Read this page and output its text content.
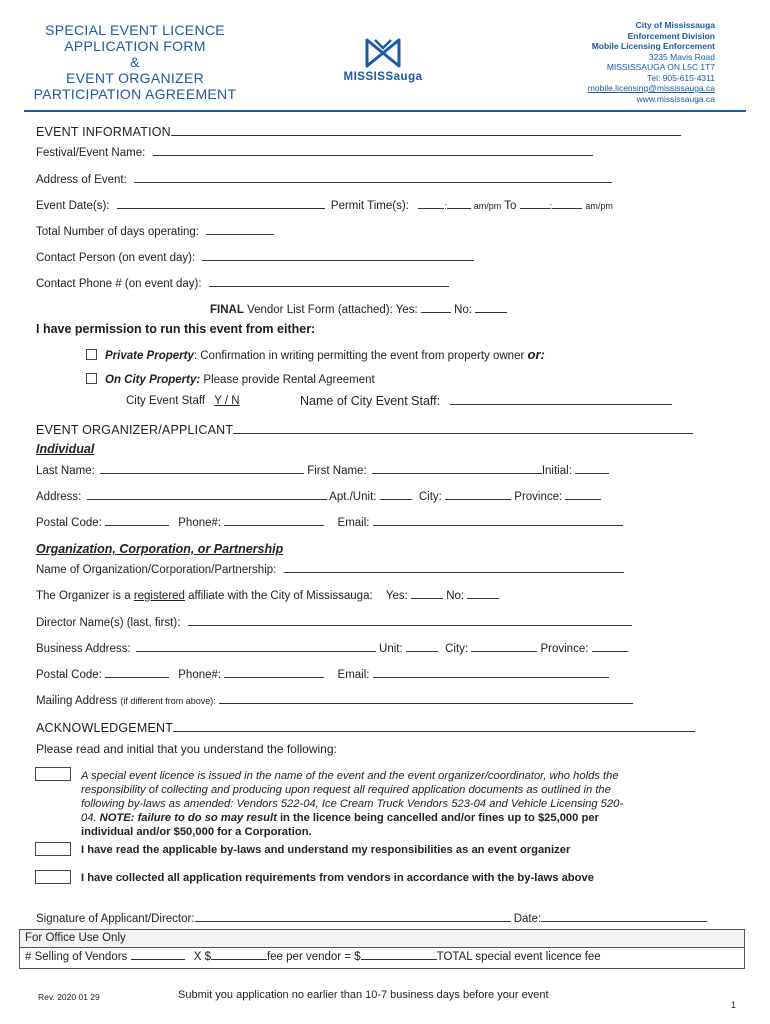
SPECIAL EVENT LICENCE
APPLICATION FORM
&
EVENT ORGANIZER
PARTICIPATION AGREEMENT
MISSISSauga
City of Mississauga
Enforcement Division
Mobile Licensing Enforcement
3235 Mavis Road
MISSISSAUGA ON L5C 1T7
Tel: 905-615-4311
mobile.licensing@mississauga.ca
www.mississauga.ca
EVENT INFORMATION
Festival/Event Name:
Address of Event:
Event Date(s):	Permit Time(s):	:	am/pm To	:	am/pm
Total Number of days operating:
Contact Person (on event day):
Contact Phone # (on event day):
FINAL Vendor List Form (attached): Yes:	No:
I have permission to run this event from either:
Private Property: Confirmation in writing permitting the event from property owner or:
On City Property: Please provide Rental Agreement
City Event Staff Y / N	Name of City Event Staff:
EVENT ORGANIZER/APPLICANT
Individual
Last Name:	First Name:	Initial:
Address:	Apt./Unit:	City:	Province:
Postal Code:	Phone#:	Email:
Organization, Corporation, or Partnership
Name of Organization/Corporation/Partnership:
The Organizer is a registered affiliate with the City of Mississauga: Yes:	No:
Director Name(s) (last, first):
Business Address:	Unit:	City:	Province:
Postal Code:	Phone#:	Email:
Mailing Address (if different from above):
ACKNOWLEDGEMENT
Please read and initial that you understand the following:
A special event licence is issued in the name of the event and the event organizer/coordinator, who holds the
responsibility of collecting and producing upon request all required application documents as outlined in the
following by-laws as amended: Vendors 522-04, Ice Cream Truck Vendors 523-04 and Vehicle Licensing 520-
04. NOTE: failure to do so may result in the licence being cancelled and/or fines up to $25,000 per
individual and/or $50,000 for a Corporation.
I have read the applicable by-laws and understand my responsibilities as an event organizer
I have collected all application requirements from vendors in accordance with the by-laws above
Signature of Applicant/Director:	Date:
For Office Use Only
# Selling of Vendors	X $	fee per vendor = $	TOTAL special event licence fee
Rev. 2020 01 29	Submit you application no earlier than 10-7 business days before your event
1
